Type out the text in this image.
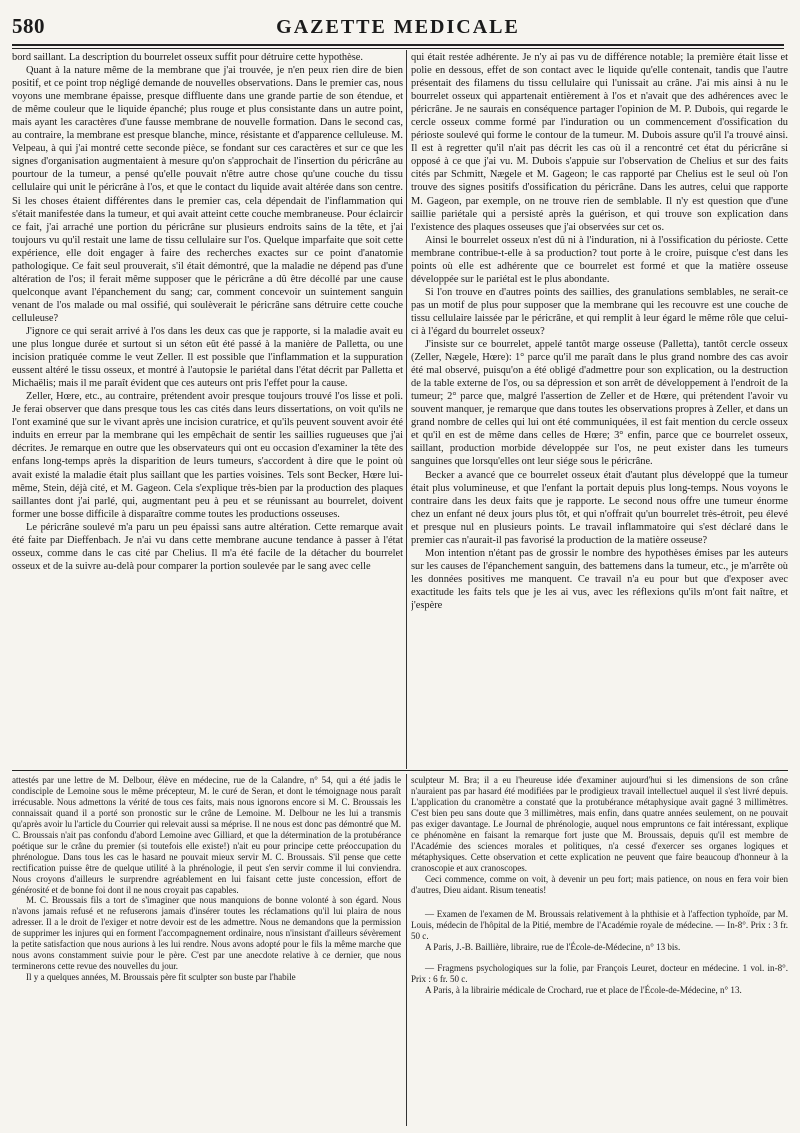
580	GAZETTE MEDICALE

bord saillant. La description du bourrelet osseux suffit pour détruire cette hypothèse.

Quant à la nature même de la membrane que j'ai trouvée, je n'en peux rien dire de bien positif, et ce point trop négligé demande de nouvelles observations. Dans le premier cas, nous voyons une membrane épaisse, presque diffluente dans une grande partie de son étendue, et de même couleur que le liquide épanché; plus rouge et plus consistante dans un autre point, mais ayant les caractères d'une fausse membrane de nouvelle formation. Dans le second cas, au contraire, la membrane est presque blanche, mince, résistante et d'apparence celluleuse. M. Velpeau, à qui j'ai montré cette seconde pièce, se fondant sur ces caractères et sur ce que les signes d'organisation augmentaient à mesure qu'on s'approchait de l'insertion du péricrâne au pourtour de la tumeur, a pensé qu'elle pouvait n'être autre chose qu'une couche du tissu cellulaire qui unit le péricrâne à l'os, et que le contact du liquide avait altérée dans son centre. Si les choses étaient différentes dans le premier cas, cela dépendait de l'inflammation qui s'était manifestée dans la tumeur, et qui avait atteint cette couche membraneuse. Pour éclaircir ce fait, j'ai arraché une portion du péricrâne sur plusieurs endroits sains de la tête, et j'ai toujours vu qu'il restait une lame de tissu cellulaire sur l'os. Quelque imparfaite que soit cette expérience, elle doit engager à faire des recherches exactes sur ce point d'anatomie pathologique. Ce fait seul prouverait, s'il était démontré, que la maladie ne dépend pas d'une altération de l'os; il ferait même supposer que le péricrâne a dû être décollé par une cause quelconque avant l'épanchement du sang; car, comment concevoir un suintement sanguin venant de l'os malade ou mal ossifié, qui soulèverait le péricrâne sans détruire cette couche celluleuse?

J'ignore ce qui serait arrivé à l'os dans les deux cas que je rapporte, si la maladie avait eu une plus longue durée et surtout si un séton eût été passé à la manière de Palletta, ou une incision pratiquée comme le veut Zeller. Il est possible que l'inflammation et la suppuration eussent altéré le tissu osseux, et montré à l'autopsie le pariétal dans l'état décrit par Palletta et Michaëlis; mais il me paraît évident que ces auteurs ont pris l'effet pour la cause.

Zeller, Hœre, etc., au contraire, prétendent avoir presque toujours trouvé l'os lisse et poli. Je ferai observer que dans presque tous les cas cités dans leurs dissertations, on voit qu'ils ne l'ont examiné que sur le vivant après une incision curatrice, et qu'ils peuvent souvent avoir été induits en erreur par la membrane qui les empêchait de sentir les saillies rugueuses que j'ai décrites. Je remarque en outre que les observateurs qui ont eu occasion d'examiner la tête des enfans long-temps après la disparition de leurs tumeurs, s'accordent à dire que le point où avait existé la maladie était plus saillant que les parties voisines. Tels sont Becker, Hœre lui-même, Stein, déjà cité, et M. Gageon. Cela s'explique très-bien par la production des plaques saillantes dont j'ai parlé, qui, augmentant peu à peu et se réunissant au bourrelet, doivent former une bosse difficile à disparaître comme toutes les productions osseuses.

Le péricrâne soulevé m'a paru un peu épaissi sans autre altération. Cette remarque avait été faite par Dieffenbach. Je n'ai vu dans cette membrane aucune tendance à passer à l'état osseux, comme dans le cas cité par Chelius. Il m'a été facile de la détacher du bourrelet osseux et de la suivre au-delà pour comparer la portion soulevée par le sang avec celle

qui était restée adhérente. Je n'y ai pas vu de différence notable; la première était lisse et polie en dessous, effet de son contact avec le liquide qu'elle contenait, tandis que l'autre présentait des filamens du tissu cellulaire qui l'unissait au crâne. J'ai mis ainsi à nu le bourrelet osseux qui appartenait entièrement à l'os et n'avait que des adhérences avec le péricrâne. Je ne saurais en conséquence partager l'opinion de M. P. Dubois, qui regarde le cercle osseux comme formé par l'induration ou un commencement d'ossification du périoste soulevé qui forme le contour de la tumeur. M. Dubois assure qu'il l'a trouvé ainsi. Il est à regretter qu'il n'ait pas décrit les cas où il a rencontré cet état du péricrâne si opposé à ce que j'ai vu. M. Dubois s'appuie sur l'observation de Chelius et sur des faits cités par Schmitt, Nægele et M. Gageon; le cas rapporté par Chelius est le seul où l'on trouve des signes positifs d'ossification du péricrâne. Dans les autres, celui que rapporte M. Gageon, par exemple, on ne trouve rien de semblable. Il n'y est question que d'une saillie pariétale qui a persisté après la guérison, et qui trouve son explication dans l'existence des plaques osseuses que j'ai observées sur cet os.

Ainsi le bourrelet osseux n'est dû ni à l'induration, ni à l'ossification du périoste. Cette membrane contribue-t-elle à sa production? tout porte à le croire, puisque c'est dans les points où elle est adhérente que ce bourrelet est formé et que la matière osseuse développée sur le pariétal est le plus abondante.

Si l'on trouve en d'autres points des saillies, des granulations semblables, ne serait-ce pas un motif de plus pour supposer que la membrane qui les recouvre est une couche de tissu cellulaire laissée par le péricrâne, et qui remplit à leur égard le même rôle que celui-ci à l'égard du bourrelet osseux?

J'insiste sur ce bourrelet, appelé tantôt marge osseuse (Palletta), tantôt cercle osseux (Zeller, Nægele, Hœre): 1° parce qu'il me paraît dans le plus grand nombre des cas avoir été mal observé, puisqu'on a été obligé d'admettre pour son explication, ou la destruction de la table externe de l'os, ou sa dépression et son arrêt de développement à l'endroit de la tumeur; 2° parce que, malgré l'assertion de Zeller et de Hœre, qui prétendent l'avoir vu souvent manquer, je remarque que dans toutes les observations propres à Zeller, et dans un grand nombre de celles qui lui ont été communiquées, il est fait mention du cercle osseux et qu'il en est de même dans celles de Hœre; 3° enfin, parce que ce bourrelet osseux, saillant, production morbide développée sur l'os, ne peut exister dans les tumeurs sanguines que lorsqu'elles ont leur siége sous le péricrâne.

Becker a avancé que ce bourrelet osseux était d'autant plus développé que la tumeur était plus volumineuse, et que l'enfant la portait depuis plus long-temps. Nous voyons le contraire dans les deux faits que je rapporte. Le second nous offre une tumeur énorme chez un enfant né deux jours plus tôt, et qui n'offrait qu'un bourrelet très-étroit, peu élevé et presque nul en plusieurs points. Le travail inflammatoire qui s'est déclaré dans le premier cas n'aurait-il pas favorisé la production de la matière osseuse?

Mon intention n'étant pas de grossir le nombre des hypothèses émises par les auteurs sur les causes de l'épanchement sanguin, des battemens dans la tumeur, etc., je m'arrête où les données positives me manquent. Ce travail n'a eu pour but que d'exposer avec exactitude les faits tels que je les ai vus, avec les réflexions qu'ils m'ont fait naître, et j'espère

attestés par une lettre de M. Delbour, élève en médecine, rue de la Calandre, n° 54, qui a été jadis le condisciple de Lemoine sous le même précepteur, M. le curé de Seran, et dont le témoignage nous paraît irrécusable. Nous admettons la vérité de tous ces faits, mais nous ignorons encore si M. C. Broussais les connaissait quand il a porté son pronostic sur le crâne de Lemoine. M. Delbour ne les lui a transmis qu'après avoir lu l'article du Courrier qui relevait aussi sa méprise. Il ne nous est donc pas démontré que M. C. Broussais n'ait pas confondu d'abord Lemoine avec Gilliard, et que la détermination de la protubérance poétique sur le crâne du premier (si toutefois elle existe!) n'ait eu pour principe cette préoccupation du phrénologue. Dans tous les cas le hasard ne pouvait mieux servir M. C. Broussais. S'il pense que cette rectification puisse être de quelque utilité à la phrénologie, il peut s'en servir comme il lui conviendra. Nous croyons d'ailleurs le surprendre agréablement en lui faisant cette juste concession, effort de générosité et de bonne foi dont il ne nous croyait pas capables.

M. C. Broussais fils a tort de s'imaginer que nous manquions de bonne volonté à son égard. Nous n'avons jamais refusé et ne refuserons jamais d'insérer toutes les réclamations qu'il lui plaira de nous adresser. Il a le droit de l'exiger et notre devoir est de les admettre. Nous ne demandons que la permission de supprimer les injures qui en forment l'accompagnement ordinaire, nous n'insistant d'ailleurs sévèrement la petite satisfaction que nous aurions à les lui rendre. Nous avons adopté pour le fils la même marche que nous avons constamment suivie pour le père. C'est par une anecdote relative à ce dernier, que nous terminerons cette revue des nouvelles du jour.

Il y a quelques années, M. Broussais père fit sculpter son buste par l'habile

sculpteur M. Bra; il a eu l'heureuse idée d'examiner aujourd'hui si les dimensions de son crâne n'auraient pas par hasard été modifiées par le prodigieux travail intellectuel auquel il s'est livré depuis. L'application du cranomètre a constaté que la protubérance métaphysique avait gagné 3 millimètres. C'est bien peu sans doute que 3 millimètres, mais enfin, dans quatre années seulement, on ne pouvait pas exiger davantage. Le Journal de phrénologie, auquel nous empruntons ce fait intéressant, explique ce phénomène en faisant la remarque fort juste que M. Broussais, depuis qu'il est membre de l'Académie des sciences morales et politiques, n'a cessé d'exercer ses organes logiques et métaphysiques. Cette observation et cette explication ne peuvent que faire beaucoup d'honneur à la cranoscopie et aux cranoscopes.

Ceci commence, comme on voit, à devenir un peu fort; mais patience, on nous en fera voir bien d'autres, Dieu aidant. Risum teneatis!

— Examen de l'examen de M. Broussais relativement à la phthisie et à l'affection typhoïde, par M. Louis, médecin de l'hôpital de la Pitié, membre de l'Académie royale de médecine. — In-8°. Prix : 3 fr. 50 c.

A Paris, J.-B. Baillière, libraire, rue de l'École-de-Médecine, n° 13 bis.

— Fragmens psychologiques sur la folie, par François Leuret, docteur en médecine. 1 vol. in-8°. Prix : 6 fr. 50 c.

A Paris, à la librairie médicale de Crochard, rue et place de l'École-de-Médecine, n° 13.
